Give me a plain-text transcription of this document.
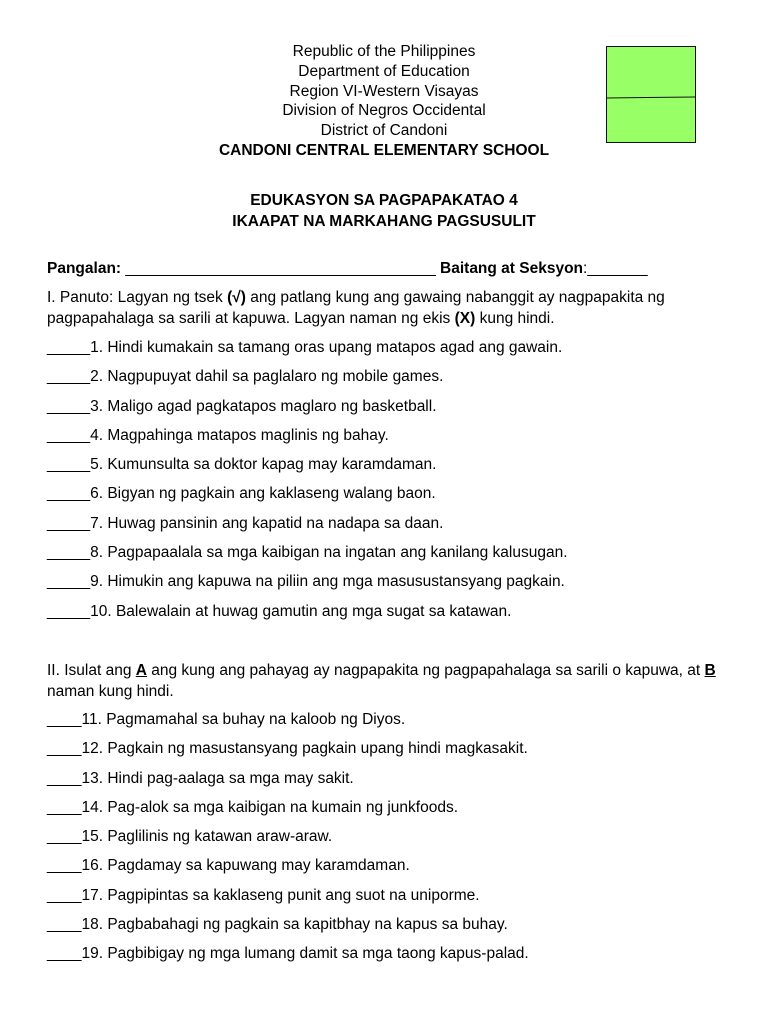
Republic of the Philippines
Department of Education
Region VI-Western Visayas
Division of Negros Occidental
District of Candoni
CANDONI CENTRAL ELEMENTARY SCHOOL
EDUKASYON SA PAGPAPAKATAO 4
IKAAPAT NA MARKAHANG PAGSUSULIT
Pangalan: ____________________________________ Baitang at Seksyon:_______
I. Panuto: Lagyan ng tsek (√) ang patlang kung ang gawaing nabanggit ay nagpapakita ng pagpapahalaga sa sarili at kapuwa. Lagyan naman ng ekis (X) kung hindi.
_____1. Hindi kumakain sa tamang oras upang matapos agad ang gawain.
_____2. Nagpupuyat dahil sa paglalaro ng mobile games.
_____3. Maligo agad pagkatapos maglaro ng basketball.
_____4. Magpahinga matapos maglinis ng bahay.
_____5. Kumunsulta sa doktor kapag may karamdaman.
_____6. Bigyan ng pagkain ang kaklaseng walang baon.
_____7. Huwag pansinin ang kapatid na nadapa sa daan.
_____8. Pagpapaalala sa mga kaibigan na ingatan ang kanilang kalusugan.
_____9. Himukin ang kapuwa na piliin ang mga masusustansyang pagkain.
_____10. Balewalain at huwag gamutin ang mga sugat sa katawan.
II. Isulat ang A ang kung ang pahayag ay nagpapakita ng pagpapahalaga sa sarili o kapuwa, at B naman kung hindi.
____11. Pagmamahal sa buhay na kaloob ng Diyos.
____12. Pagkain ng masustansyang pagkain upang hindi magkasakit.
____13. Hindi pag-aalaga sa mga may sakit.
____14. Pag-alok sa mga kaibigan na kumain ng junkfoods.
____15. Paglilinis ng katawan araw-araw.
____16. Pagdamay sa kapuwang may karamdaman.
____17. Pagpipintas sa kaklaseng punit ang suot na uniporme.
____18. Pagbabahagi ng pagkain sa kapitbhay na kapus sa buhay.
____19. Pagbibigay ng mga lumang damit sa mga taong kapus-palad.
